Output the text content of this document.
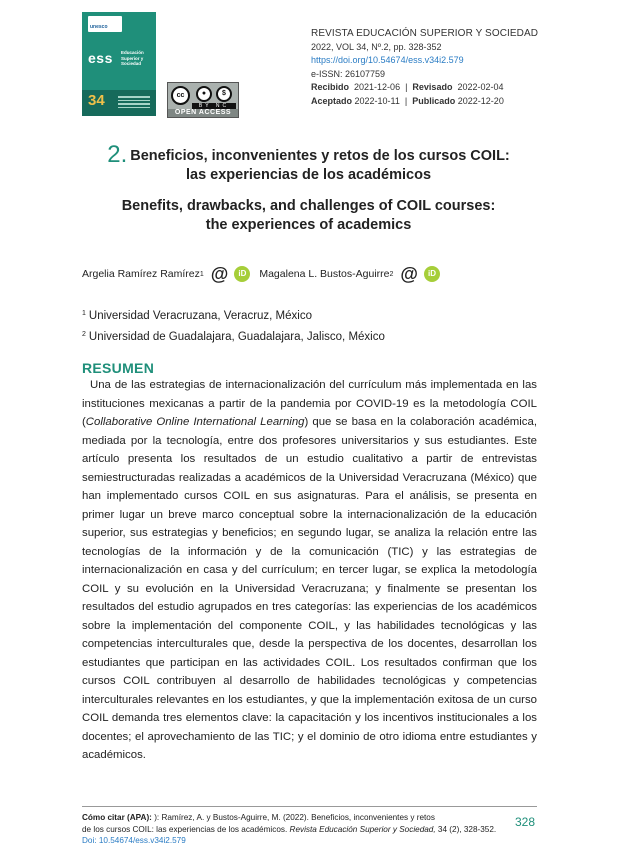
unesco
ess Educación Superior y Sociedad
34	cc	●	$
BY NC
OPEN ACCESS
REVISTA EDUCACIÓN SUPERIOR Y SOCIEDAD
2022, VOL 34, Nº.2, pp. 328-352
https://doi.org/10.54674/ess.v34i2.579
e-ISSN: 26107759
Recibido 2021-12-06  |  Revisado 2022-02-04
Aceptado 2022-10-11  |  Publicado 2022-12-20
2. Beneficios, inconvenientes y retos de los cursos COIL:
las experiencias de los académicos
Benefits, drawbacks, and challenges of COIL courses:
the experiences of academics
Argelia Ramírez Ramírez 1 @	iD	Magalena L. Bustos-Aguirre 2 @	iD
$^1$ Universidad Veracruzana, Veracruz, México
$^2$ Universidad de Guadalajara, Guadalajara, Jalisco, México
RESUMEN
Una de las estrategias de internacionalización del currículum más implementada en las instituciones mexicanas a partir de la pandemia por COVID-19 es la metodología COIL (Collaborative Online International Learning) que se basa en la colaboración académica, mediada por la tecnología, entre dos profesores universitarios y sus estudiantes. Este artículo presenta los resultados de un estudio cualitativo a partir de entrevistas semiestructuradas realizadas a académicos de la Universidad Veracruzana (México) que han implementado cursos COIL en sus asignaturas. Para el análisis, se presenta en primer lugar un breve marco conceptual sobre la internacionalización de la educación superior, sus estrategias y beneficios; en segundo lugar, se analiza la relación entre las tecnologías de la información y de la comunicación (TIC) y las estrategias de internacionalización en casa y del currículum; en tercer lugar, se explica la metodología COIL y su evolución en la Universidad Veracruzana; y finalmente se presentan los resultados del estudio agrupados en tres categorías: las experiencias de los académicos sobre la implementación del componente COIL, y las habilidades tecnológicas y las competencias interculturales que, desde la perspectiva de los docentes, desarrollan los estudiantes que participan en las actividades COIL. Los resultados confirman que los cursos COIL contribuyen al desarrollo de habilidades tecnológicas y competencias interculturales relevantes en los estudiantes, y que la implementación exitosa de un curso COIL demanda tres elementos clave: la capacitación y los incentivos institucionales a los docentes; el aprovechamiento de las TIC; y el dominio de otro idioma entre estudiantes y académicos.
Cómo citar (APA): ): Ramírez, A. y Bustos-Aguirre, M. (2022). Beneficios, inconvenientes y retos
de los cursos COIL: las experiencias de los académicos. Revista Educación Superior y Sociedad, 34 (2), 328-352.
Doi: 10.54674/ess.v34i2.579
328
